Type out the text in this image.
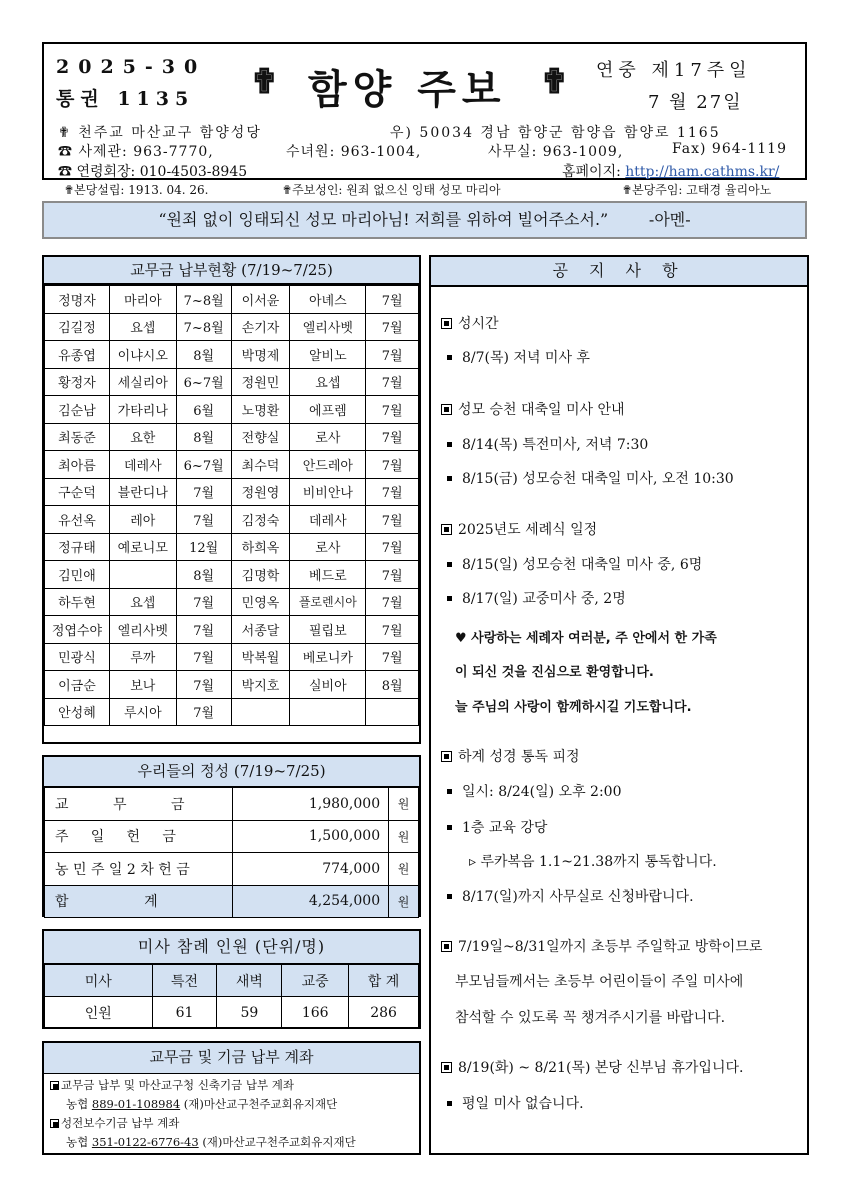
2025-30
통권 1135 ✟ 함양 주보 ✟ 연중 제17주일
7 월 27일
✟ 천주교 마산교구 함양성당	우) 50034 경남 함양군 함양읍 함양로 1165
☎ 사제관: 963-7770,	수녀원: 963-1004,	사무실: 963-1009,	Fax) 964-1119
☎ 연령회장: 010-4503-8945	홈페이지: http://ham.cathms.kr/
✟본당설립: 1913. 04. 26.	✟주보성인: 원죄 없으신 잉태 성모 마리아	✟본당주임: 고태경 율리아노
“원죄 없이 잉태되신 성모 마리아님! 저희를 위하여 빌어주소서.”        -아멘-
교무금 납부현황 (7/19~7/25)
정명자	마리아	7~8월	이서윤	아녜스	7월
김길정	요셉	7~8월	손기자	엘리사벳	7월
유종엽	이냐시오	8월	박명제	알비노	7월
황정자	세실리아	6~7월	정원민	요셉	7월
김순남	가타리나	6월	노명환	에프렘	7월
최동준	요한	8월	전향실	로사	7월
최아름	데레사	6~7월	최수덕	안드레아	7월
구순덕	블란디나	7월	정원영	비비안나	7월
유선옥	레아	7월	김정숙	데레사	7월
정규태	예로니모	12월	하희옥	로사	7월
김민애		8월	김명학	베드로	7월
하두현	요셉	7월	민영옥	플로렌시아	7월
정엽수야	엘리사벳	7월	서종달	필립보	7월
민광식	루까	7월	박복월	베로니카	7월
이금순	보나	7월	박지호	실비아	8월
안성혜	루시아	7월			
우리들의 정성 (7/19~7/25)
교          무          금	1,980,000	원
주     일     헌     금	1,500,000	원
농 민 주 일 2 차 헌 금	774,000	원
합                 계	4,254,000	원
미사 참례 인원 (단위/명)
미사	특전	새벽	교중	합 계
인원	61	59	166	286
교무금 및 기금 납부 계좌
교무금 납부 및 마산교구청 신축기금 납부 계좌
농협 889-01-108984 (재)마산교구천주교회유지재단
성전보수기금 납부 계좌
농협 351-0122-6776-43 (재)마산교구천주교회유지재단
공 지 사 항
성시간
8/7(목) 저녁 미사 후
성모 승천 대축일 미사 안내
8/14(목) 특전미사, 저녁 7:30
8/15(금) 성모승천 대축일 미사, 오전 10:30
2025년도 세례식 일정
8/15(일) 성모승천 대축일 미사 중, 6명
8/17(일) 교중미사 중, 2명
♥ 사랑하는 세례자 여러분, 주 안에서 한 가족
이 되신 것을 진심으로 환영합니다.
늘 주님의 사랑이 함께하시길 기도합니다.
하계 성경 통독 피정
일시: 8/24(일) 오후 2:00
1층 교육 강당
▹ 루카복음 1.1~21.38까지 통독합니다.
8/17(일)까지 사무실로 신청바랍니다.
7/19일~8/31일까지 초등부 주일학교 방학이므로
부모님들께서는 초등부 어린이들이 주일 미사에
참석할 수 있도록 꼭 챙겨주시기를 바랍니다.
8/19(화) ~ 8/21(목) 본당 신부님 휴가입니다.
평일 미사 없습니다.
